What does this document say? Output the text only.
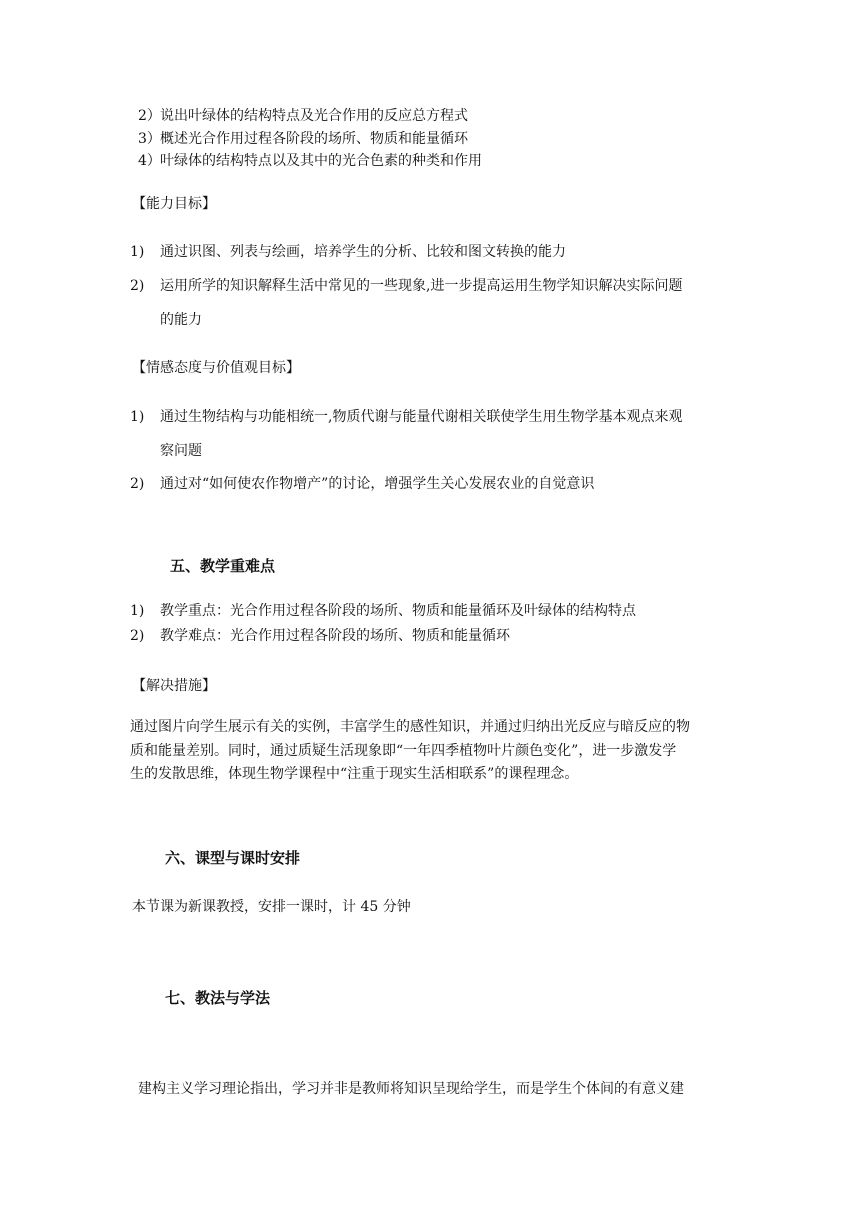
2）说出叶绿体的结构特点及光合作用的反应总方程式
3）概述光合作用过程各阶段的场所、物质和能量循环
4）叶绿体的结构特点以及其中的光合色素的种类和作用
【能力目标】
1) 通过识图、列表与绘画，培养学生的分析、比较和图文转换的能力
2) 运用所学的知识解释生活中常见的一些现象,进一步提高运用生物学知识解决实际问题
的能力
【情感态度与价值观目标】
1) 通过生物结构与功能相统一,物质代谢与能量代谢相关联使学生用生物学基本观点来观
察问题
2) 通过对“如何使农作物增产”的讨论，增强学生关心发展农业的自觉意识
五、教学重难点
1) 教学重点：光合作用过程各阶段的场所、物质和能量循环及叶绿体的结构特点
2) 教学难点：光合作用过程各阶段的场所、物质和能量循环
【解决措施】
通过图片向学生展示有关的实例，丰富学生的感性知识，并通过归纳出光反应与暗反应的物
质和能量差别。同时，通过质疑生活现象即“一年四季植物叶片颜色变化”，进一步激发学
生的发散思维，体现生物学课程中“注重于现实生活相联系”的课程理念。
六、课型与课时安排
本节课为新课教授，安排一课时，计 45 分钟
七、教法与学法
建构主义学习理论指出，学习并非是教师将知识呈现给学生，而是学生个体间的有意义建
